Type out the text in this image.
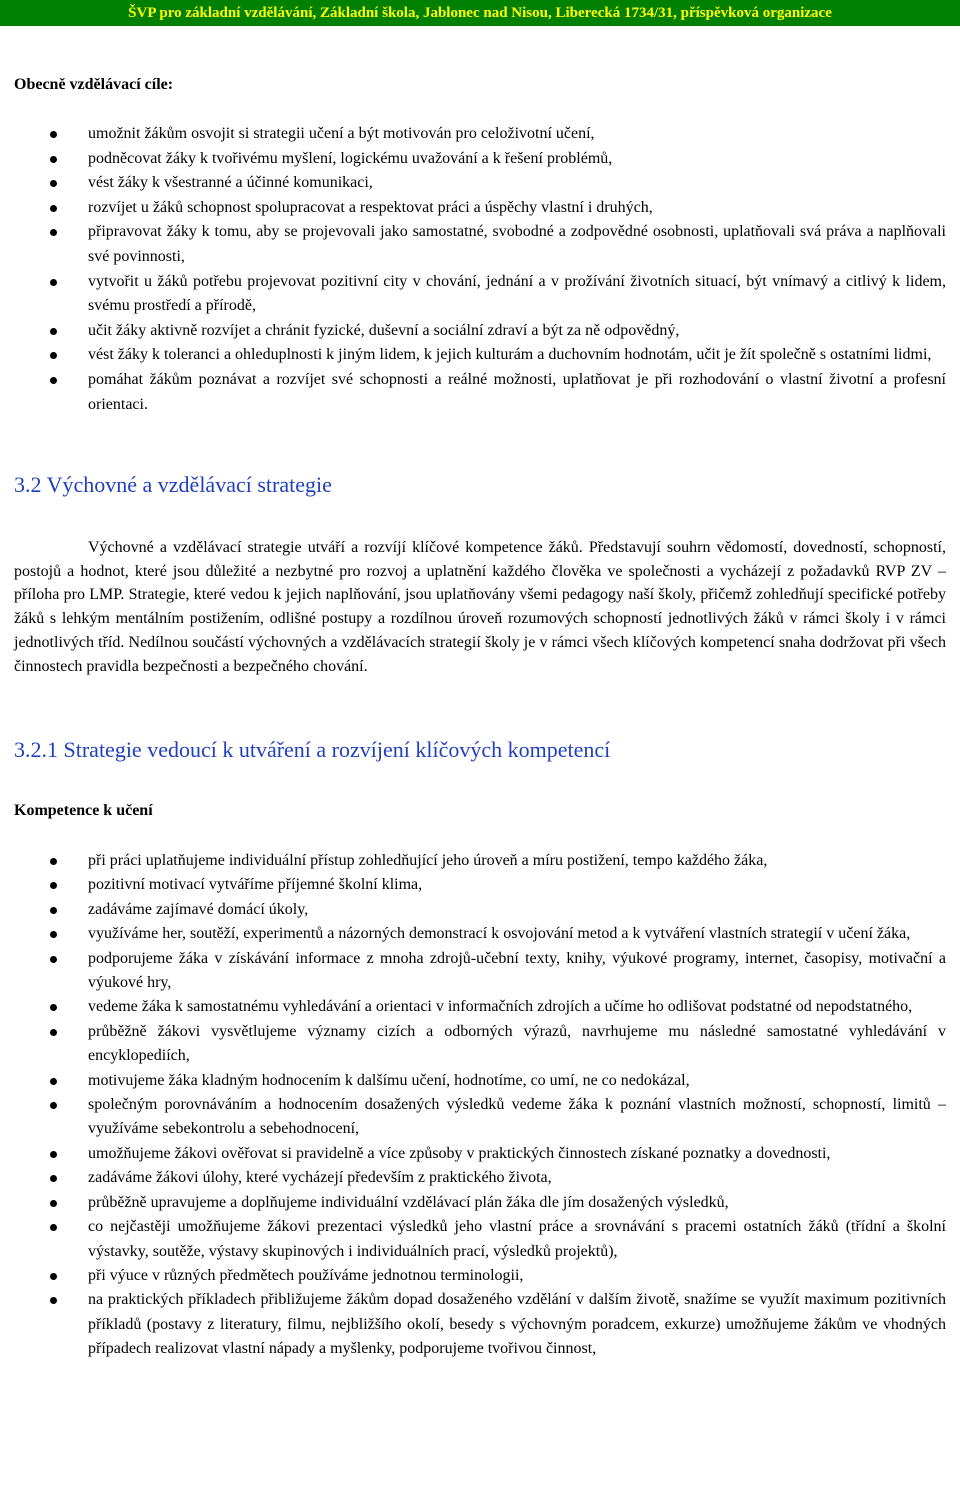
ŠVP pro základní vzdělávání, Základní škola, Jablonec nad Nisou, Liberecká 1734/31, příspěvková organizace
Obecně vzdělávací cíle:
umožnit žákům osvojit si strategii učení a být motivován pro celoživotní učení,
podněcovat žáky k tvořivému myšlení, logickému uvažování a k řešení problémů,
vést žáky k všestranné a účinné komunikaci,
rozvíjet u žáků schopnost spolupracovat a respektovat práci a úspěchy vlastní i druhých,
připravovat žáky k tomu, aby se projevovali jako samostatné, svobodné a zodpovědné osobnosti, uplatňovali svá práva a naplňovali své povinnosti,
vytvořit u žáků potřebu projevovat pozitivní city v chování, jednání a v prožívání životních situací, být vnímavý a citlivý k lidem, svému prostředí a přírodě,
učit žáky aktivně rozvíjet a chránit fyzické, duševní a sociální zdraví a být za ně odpovědný,
vést žáky k toleranci a ohleduplnosti k jiným lidem, k jejich kulturám a duchovním hodnotám, učit je žít společně s ostatními lidmi,
pomáhat žákům poznávat a rozvíjet své schopnosti a reálné možnosti, uplatňovat je při rozhodování o vlastní životní a profesní orientaci.
3.2 Výchovné a vzdělávací strategie
Výchovné a vzdělávací strategie utváří a rozvíjí klíčové kompetence žáků. Představují souhrn vědomostí, dovedností, schopností, postojů a hodnot, které jsou důležité a nezbytné pro rozvoj a uplatnění každého člověka ve společnosti a vycházejí z požadavků RVP ZV – příloha pro LMP. Strategie, které vedou k jejich naplňování, jsou uplatňovány všemi pedagogy naší školy, přičemž zohledňují specifické potřeby žáků s lehkým mentálním postižením, odlišné postupy a rozdílnou úroveň rozumových schopností jednotlivých žáků v rámci školy i v rámci jednotlivých tříd. Nedílnou součástí výchovných a vzdělávacích strategií školy je v rámci všech klíčových kompetencí snaha dodržovat při všech činnostech pravidla bezpečnosti a bezpečného chování.
3.2.1 Strategie vedoucí k utváření a rozvíjení klíčových kompetencí
Kompetence k učení
při práci uplatňujeme individuální přístup zohledňující jeho úroveň a míru postižení, tempo každého žáka,
pozitivní motivací vytváříme příjemné školní klima,
zadáváme zajímavé domácí úkoly,
využíváme her, soutěží, experimentů a názorných demonstrací k osvojování metod a k vytváření vlastních strategií v učení žáka,
podporujeme žáka v získávání informace z mnoha zdrojů-učební texty, knihy, výukové programy, internet, časopisy, motivační a výukové hry,
vedeme žáka k samostatnému vyhledávání a orientaci v informačních zdrojích a učíme ho odlišovat podstatné od nepodstatného,
průběžně žákovi vysvětlujeme významy cizích a odborných výrazů, navrhujeme mu následné samostatné vyhledávání v encyklopediích,
motivujeme žáka kladným hodnocením k dalšímu učení, hodnotíme, co umí, ne co nedokázal,
společným porovnáváním a hodnocením dosažených výsledků vedeme žáka k poznání vlastních možností, schopností, limitů – využíváme sebekontrolu a sebehodnocení,
umožňujeme žákovi ověřovat si pravidelně a více způsoby v praktických činnostech získané poznatky a dovednosti,
zadáváme žákovi úlohy, které vycházejí především z praktického života,
průběžně upravujeme a doplňujeme individuální vzdělávací plán žáka dle jím dosažených výsledků,
co nejčastěji umožňujeme žákovi prezentaci výsledků jeho vlastní práce a srovnávání s pracemi ostatních žáků (třídní a školní výstavky, soutěže, výstavy skupinových i individuálních prací, výsledků projektů),
při výuce v různých předmětech používáme jednotnou terminologii,
na praktických příkladech přibližujeme žákům dopad dosaženého vzdělání v dalším životě, snažíme se využít maximum pozitivních příkladů (postavy z literatury, filmu, nejbližšího okolí, besedy s výchovným poradcem, exkurze) umožňujeme žákům ve vhodných případech realizovat vlastní nápady a myšlenky, podporujeme tvořivou činnost,
